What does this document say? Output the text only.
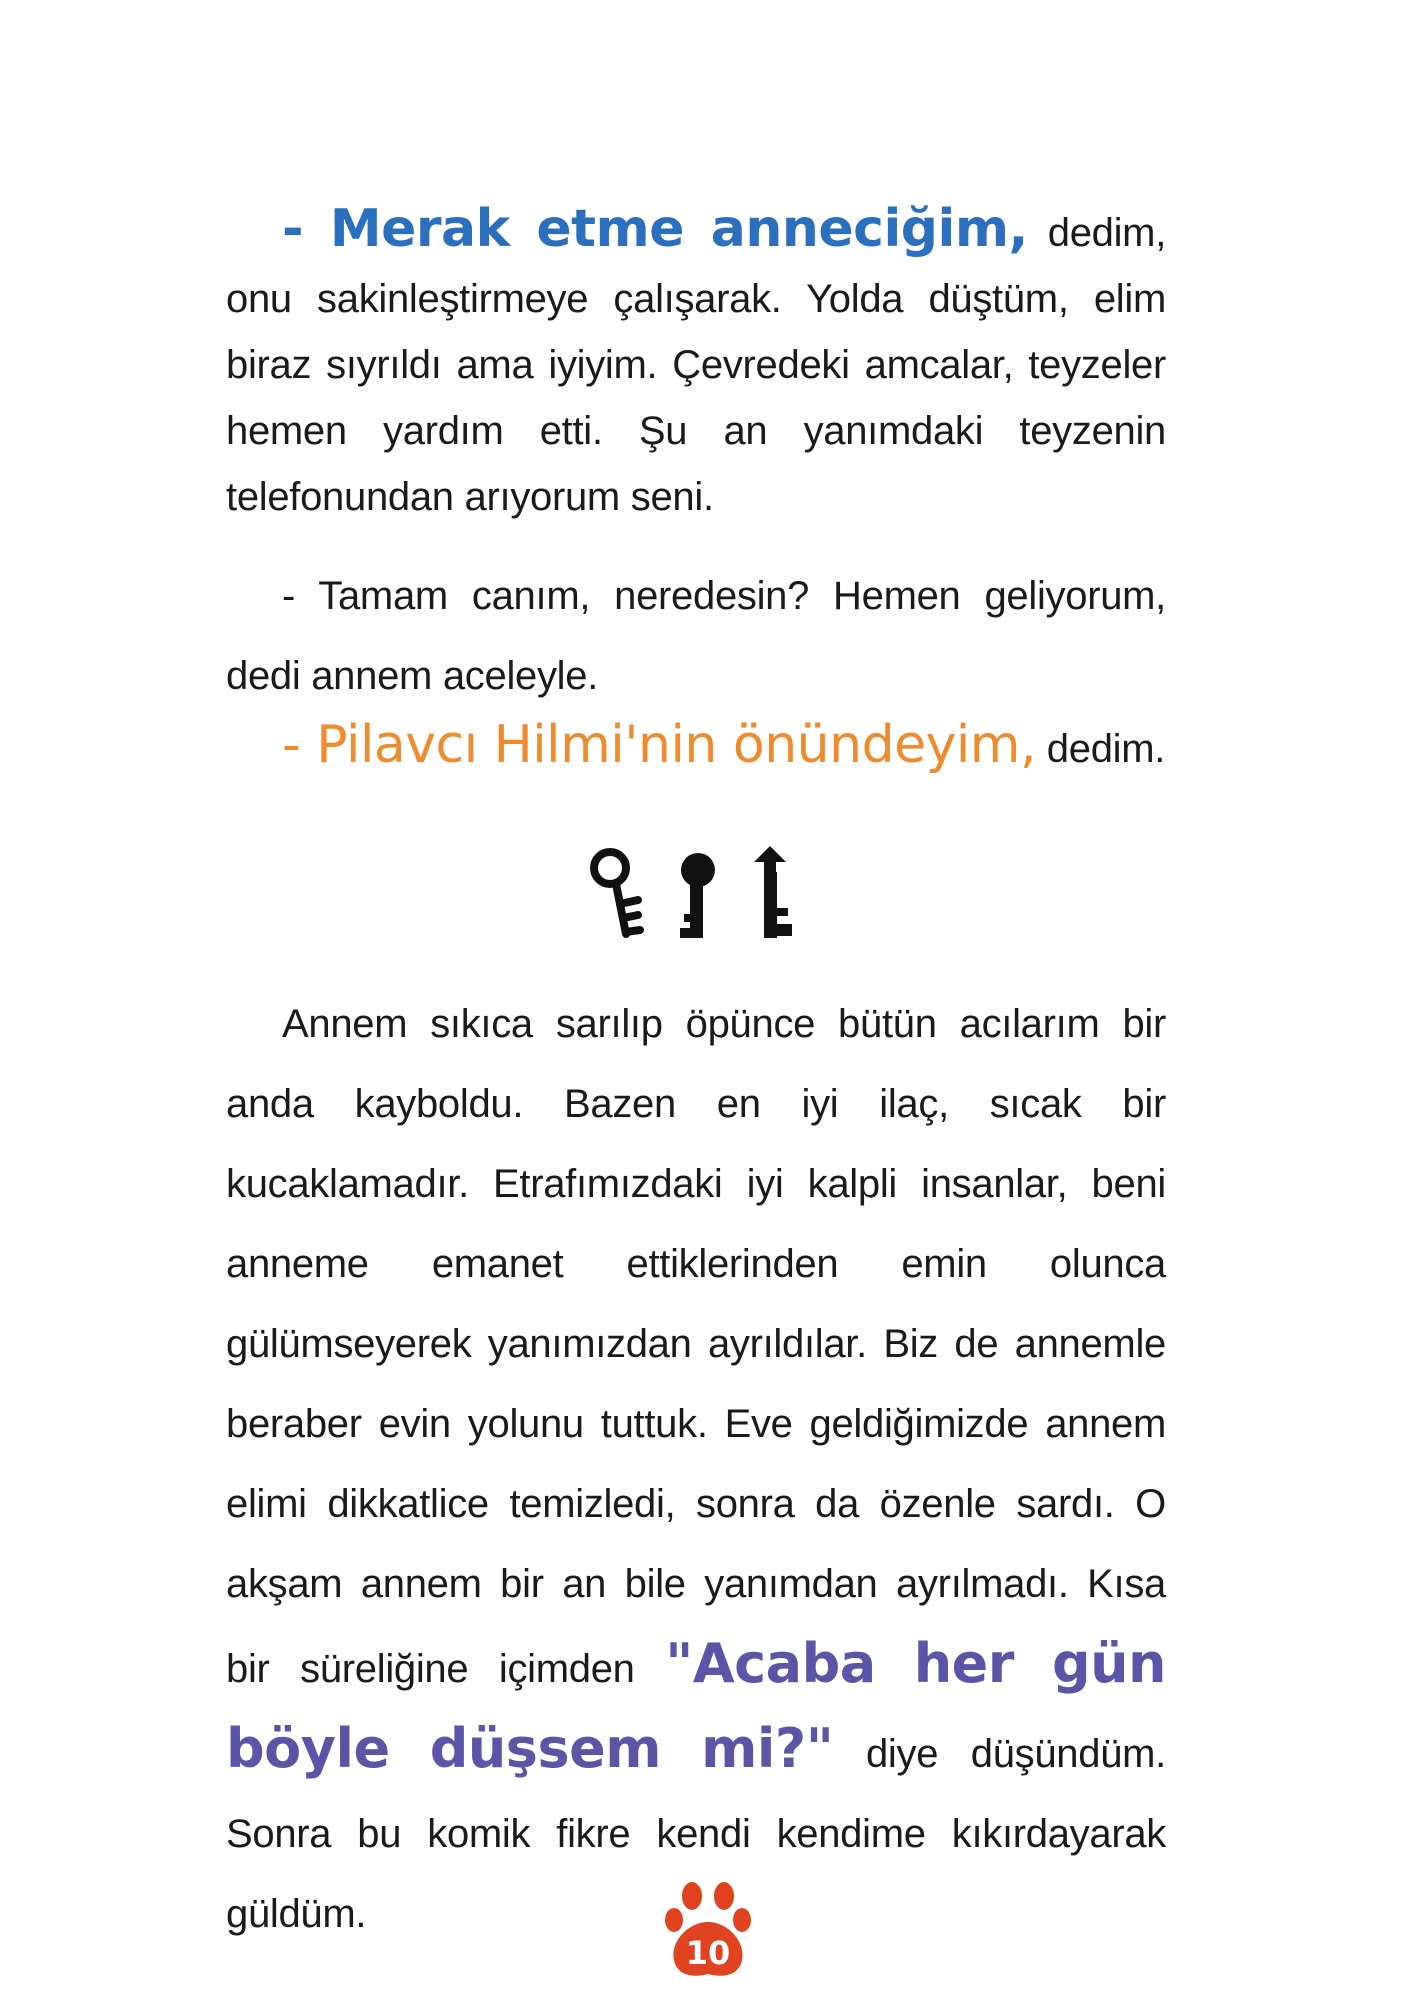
- Merak etme anneciğim, dedim, onu sakinleştirmeye çalışarak. Yolda düştüm, elim biraz sıyrıldı ama iyiyim. Çevredeki amcalar, teyzeler hemen yardım etti. Şu an yanımdaki teyzenin telefonundan arıyorum seni.

- Tamam canım, neredesin? Hemen geliyorum, dedi annem aceleyle.

- Pilavcı Hilmi'nin önündeyim, dedim.

Annem sıkıca sarılıp öpünce bütün acılarım bir anda kayboldu. Bazen en iyi ilaç, sıcak bir kucaklamadır. Etrafımızdaki iyi kalpli insanlar, beni anneme emanet ettiklerinden emin olunca gülümseyerek yanımızdan ayrıldılar. Biz de annemle beraber evin yolunu tuttuk. Eve geldiğimizde annem elimi dikkatlice temizledi, sonra da özenle sardı. O akşam annem bir an bile yanımdan ayrılmadı. Kısa bir süreliğine içimden "Acaba her gün böyle düşsem mi?" diye düşündüm. Sonra bu komik fikre kendi kendime kıkırdayarak güldüm.

10
